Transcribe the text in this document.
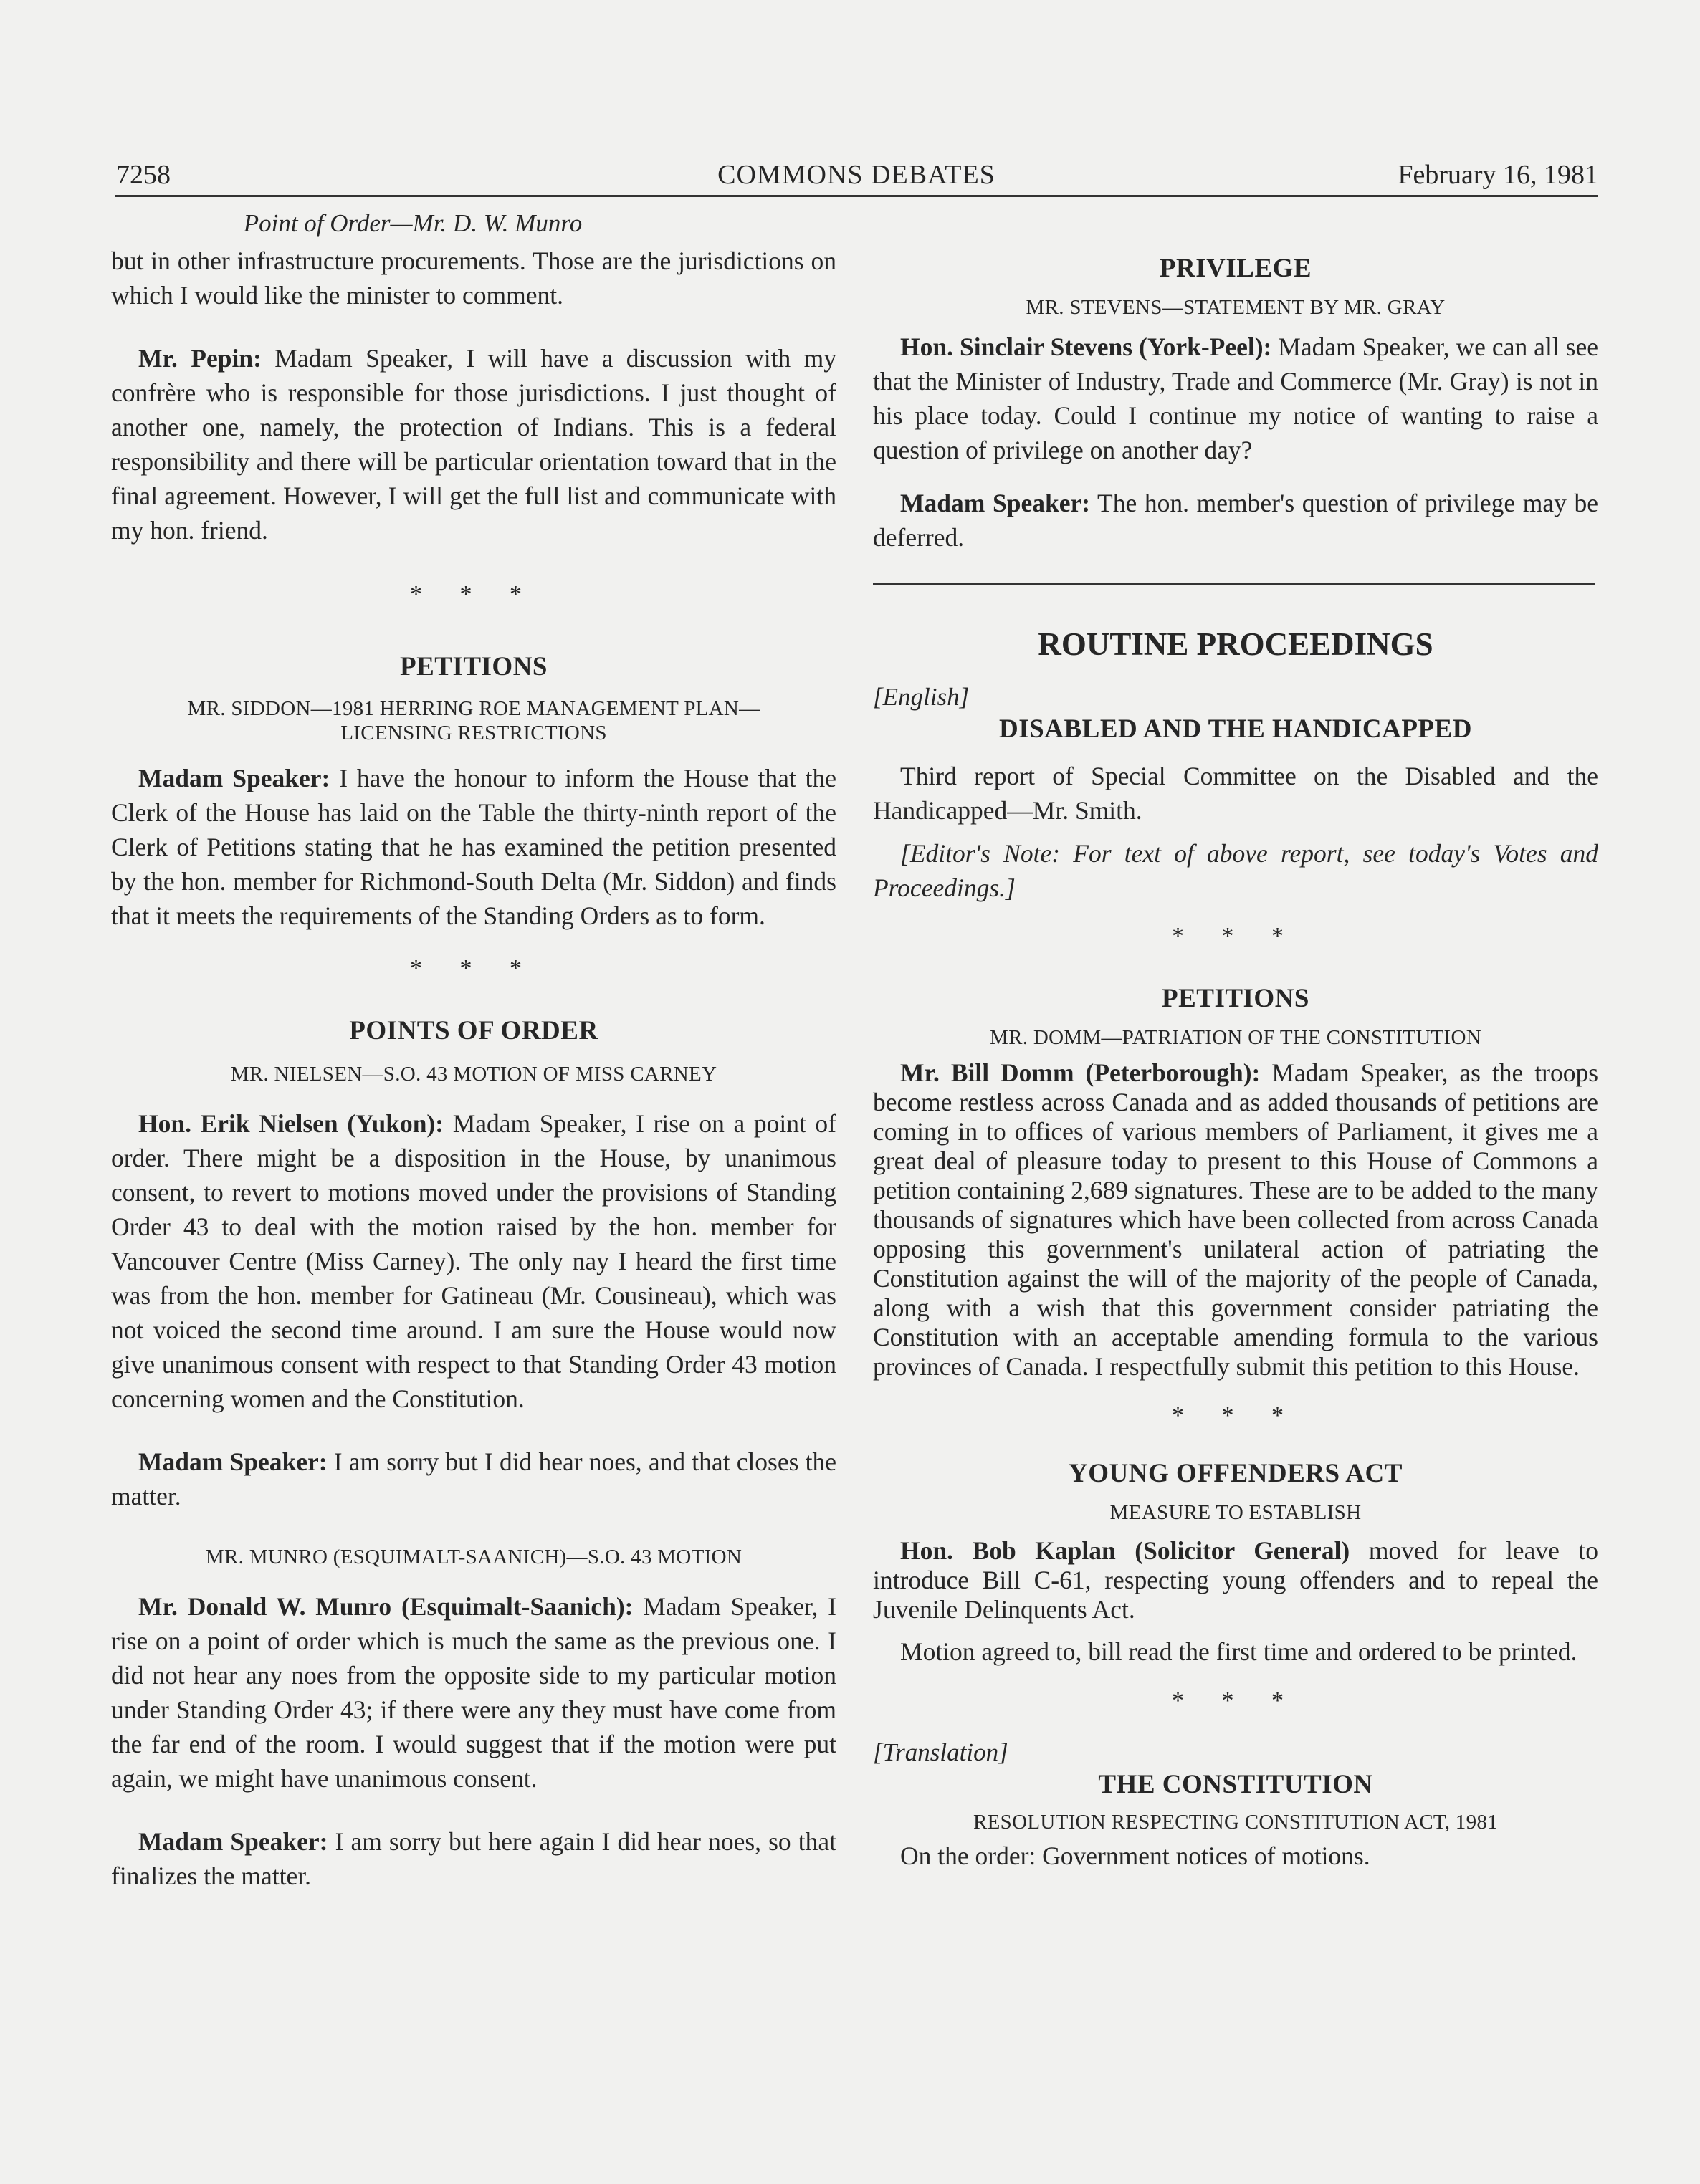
7258	COMMONS DEBATES	February 16, 1981
Point of Order—Mr. D. W. Munro

but in other infrastructure procurements. Those are the jurisdictions on which I would like the minister to comment.

Mr. Pepin: Madam Speaker, I will have a discussion with my confrère who is responsible for those jurisdictions. I just thought of another one, namely, the protection of Indians. This is a federal responsibility and there will be particular orientation toward that in the final agreement. However, I will get the full list and communicate with my hon. friend.

* * *
PETITIONS
MR. SIDDON—1981 HERRING ROE MANAGEMENT PLAN—LICENSING RESTRICTIONS

Madam Speaker: I have the honour to inform the House that the Clerk of the House has laid on the Table the thirty-ninth report of the Clerk of Petitions stating that he has examined the petition presented by the hon. member for Richmond-South Delta (Mr. Siddon) and finds that it meets the requirements of the Standing Orders as to form.

* * *
POINTS OF ORDER
MR. NIELSEN—S.O. 43 MOTION OF MISS CARNEY

Hon. Erik Nielsen (Yukon): Madam Speaker, I rise on a point of order. There might be a disposition in the House, by unanimous consent, to revert to motions moved under the provisions of Standing Order 43 to deal with the motion raised by the hon. member for Vancouver Centre (Miss Carney). The only nay I heard the first time was from the hon. member for Gatineau (Mr. Cousineau), which was not voiced the second time around. I am sure the House would now give unanimous consent with respect to that Standing Order 43 motion concerning women and the Constitution.

Madam Speaker: I am sorry but I did hear noes, and that closes the matter.

MR. MUNRO (ESQUIMALT-SAANICH)—S.O. 43 MOTION

Mr. Donald W. Munro (Esquimalt-Saanich): Madam Speaker, I rise on a point of order which is much the same as the previous one. I did not hear any noes from the opposite side to my particular motion under Standing Order 43; if there were any they must have come from the far end of the room. I would suggest that if the motion were put again, we might have unanimous consent.

Madam Speaker: I am sorry but here again I did hear noes, so that finalizes the matter.

PRIVILEGE
MR. STEVENS—STATEMENT BY MR. GRAY

Hon. Sinclair Stevens (York-Peel): Madam Speaker, we can all see that the Minister of Industry, Trade and Commerce (Mr. Gray) is not in his place today. Could I continue my notice of wanting to raise a question of privilege on another day?

Madam Speaker: The hon. member's question of privilege may be deferred.

ROUTINE PROCEEDINGS
[English]
DISABLED AND THE HANDICAPPED

Third report of Special Committee on the Disabled and the Handicapped—Mr. Smith.

[Editor's Note: For text of above report, see today's Votes and Proceedings.]

* * *
PETITIONS
MR. DOMM—PATRIATION OF THE CONSTITUTION

Mr. Bill Domm (Peterborough): Madam Speaker, as the troops become restless across Canada and as added thousands of petitions are coming in to offices of various members of Parliament, it gives me a great deal of pleasure today to present to this House of Commons a petition containing 2,689 signatures. These are to be added to the many thousands of signatures which have been collected from across Canada opposing this government's unilateral action of patriating the Constitution against the will of the majority of the people of Canada, along with a wish that this government consider patriating the Constitution with an acceptable amending formula to the various provinces of Canada. I respectfully submit this petition to this House.

* * *
YOUNG OFFENDERS ACT
MEASURE TO ESTABLISH

Hon. Bob Kaplan (Solicitor General) moved for leave to introduce Bill C-61, respecting young offenders and to repeal the Juvenile Delinquents Act.

Motion agreed to, bill read the first time and ordered to be printed.

* * *
[Translation]
THE CONSTITUTION
RESOLUTION RESPECTING CONSTITUTION ACT, 1981

On the order: Government notices of motions.
